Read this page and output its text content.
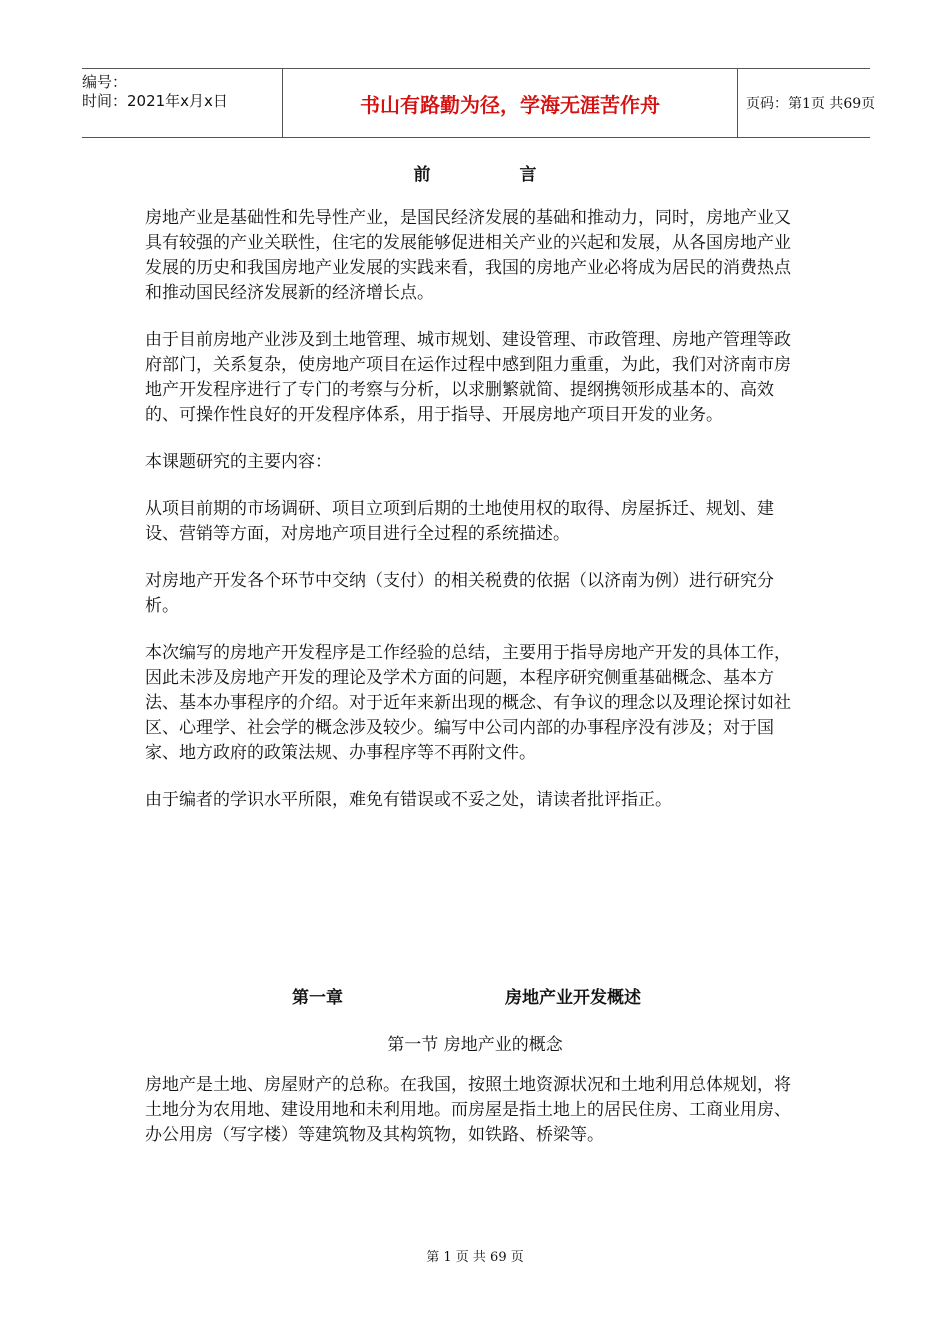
编号：
时间：2021年x月x日	书山有路勤为径，学海无涯苦作舟	页码：第1页 共69页
前	言

房地产业是基础性和先导性产业，是国民经济发展的基础和推动力，同时，房地产业又具有较强的产业关联性，住宅的发展能够促进相关产业的兴起和发展，从各国房地产业发展的历史和我国房地产业发展的实践来看，我国的房地产业必将成为居民的消费热点和推动国民经济发展新的经济增长点。

由于目前房地产业涉及到土地管理、城市规划、建设管理、市政管理、房地产管理等政府部门，关系复杂，使房地产项目在运作过程中感到阻力重重，为此，我们对济南市房地产开发程序进行了专门的考察与分析，以求删繁就简、提纲携领形成基本的、高效的、可操作性良好的开发程序体系，用于指导、开展房地产项目开发的业务。

本课题研究的主要内容：

从项目前期的市场调研、项目立项到后期的土地使用权的取得、房屋拆迁、规划、建设、营销等方面，对房地产项目进行全过程的系统描述。

对房地产开发各个环节中交纳（支付）的相关税费的依据（以济南为例）进行研究分析。

本次编写的房地产开发程序是工作经验的总结，主要用于指导房地产开发的具体工作，因此未涉及房地产开发的理论及学术方面的问题，本程序研究侧重基础概念、基本方法、基本办事程序的介绍。对于近年来新出现的概念、有争议的理念以及理论探讨如社区、心理学、社会学的概念涉及较少。编写中公司内部的办事程序没有涉及；对于国家、地方政府的政策法规、办事程序等不再附文件。

由于编者的学识水平所限，难免有错误或不妥之处，请读者批评指正。

第一章	房地产业开发概述
第一节 房地产业的概念

房地产是土地、房屋财产的总称。在我国，按照土地资源状况和土地利用总体规划，将土地分为农用地、建设用地和未利用地。而房屋是指土地上的居民住房、工商业用房、办公用房（写字楼）等建筑物及其构筑物，如铁路、桥梁等。

第 1 页 共 69 页
